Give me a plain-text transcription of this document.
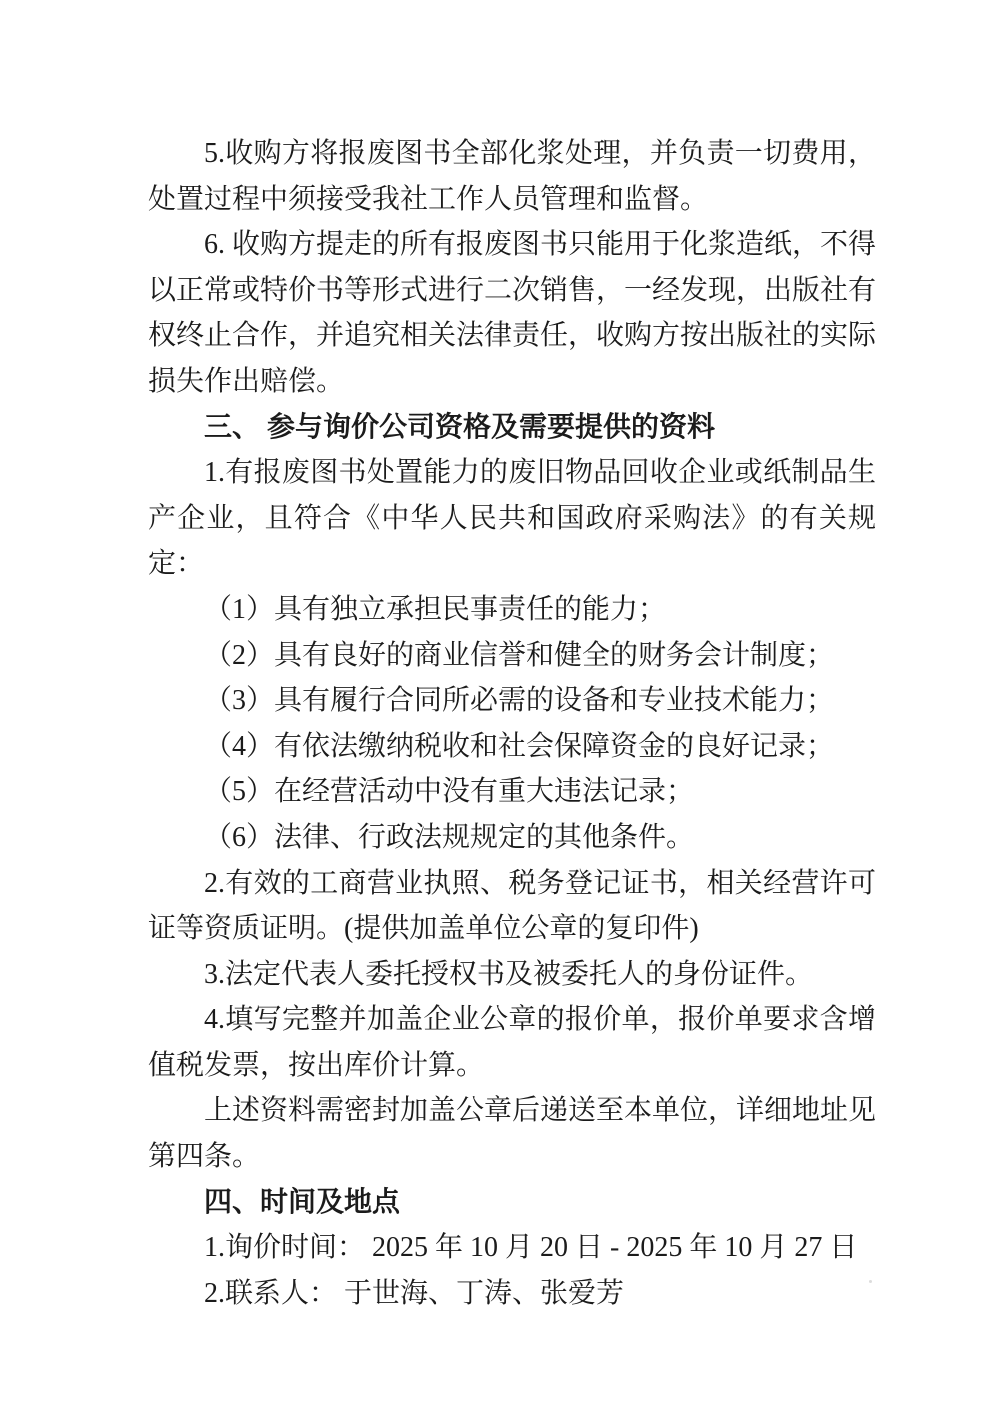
5.收购方将报废图书全部化浆处理，并负责一切费用，处置过程中须接受我社工作人员管理和监督。

6. 收购方提走的所有报废图书只能用于化浆造纸，不得以正常或特价书等形式进行二次销售，一经发现，出版社有权终止合作，并追究相关法律责任，收购方按出版社的实际损失作出赔偿。

三、 参与询价公司资格及需要提供的资料

1.有报废图书处置能力的废旧物品回收企业或纸制品生产企业，且符合《中华人民共和国政府采购法》的有关规定：

（1）具有独立承担民事责任的能力；

（2）具有良好的商业信誉和健全的财务会计制度；

（3）具有履行合同所必需的设备和专业技术能力；

（4）有依法缴纳税收和社会保障资金的良好记录；

（5）在经营活动中没有重大违法记录；

（6）法律、行政法规规定的其他条件。

2.有效的工商营业执照、税务登记证书，相关经营许可证等资质证明。(提供加盖单位公章的复印件)

3.法定代表人委托授权书及被委托人的身份证件。

4.填写完整并加盖企业公章的报价单，报价单要求含增值税发票，按出库价计算。

上述资料需密封加盖公章后递送至本单位，详细地址见第四条。

四、时间及地点

1.询价时间： 2025 年 10 月 20 日 - 2025 年 10 月 27 日

2.联系人： 于世海、丁涛、张爱芳
